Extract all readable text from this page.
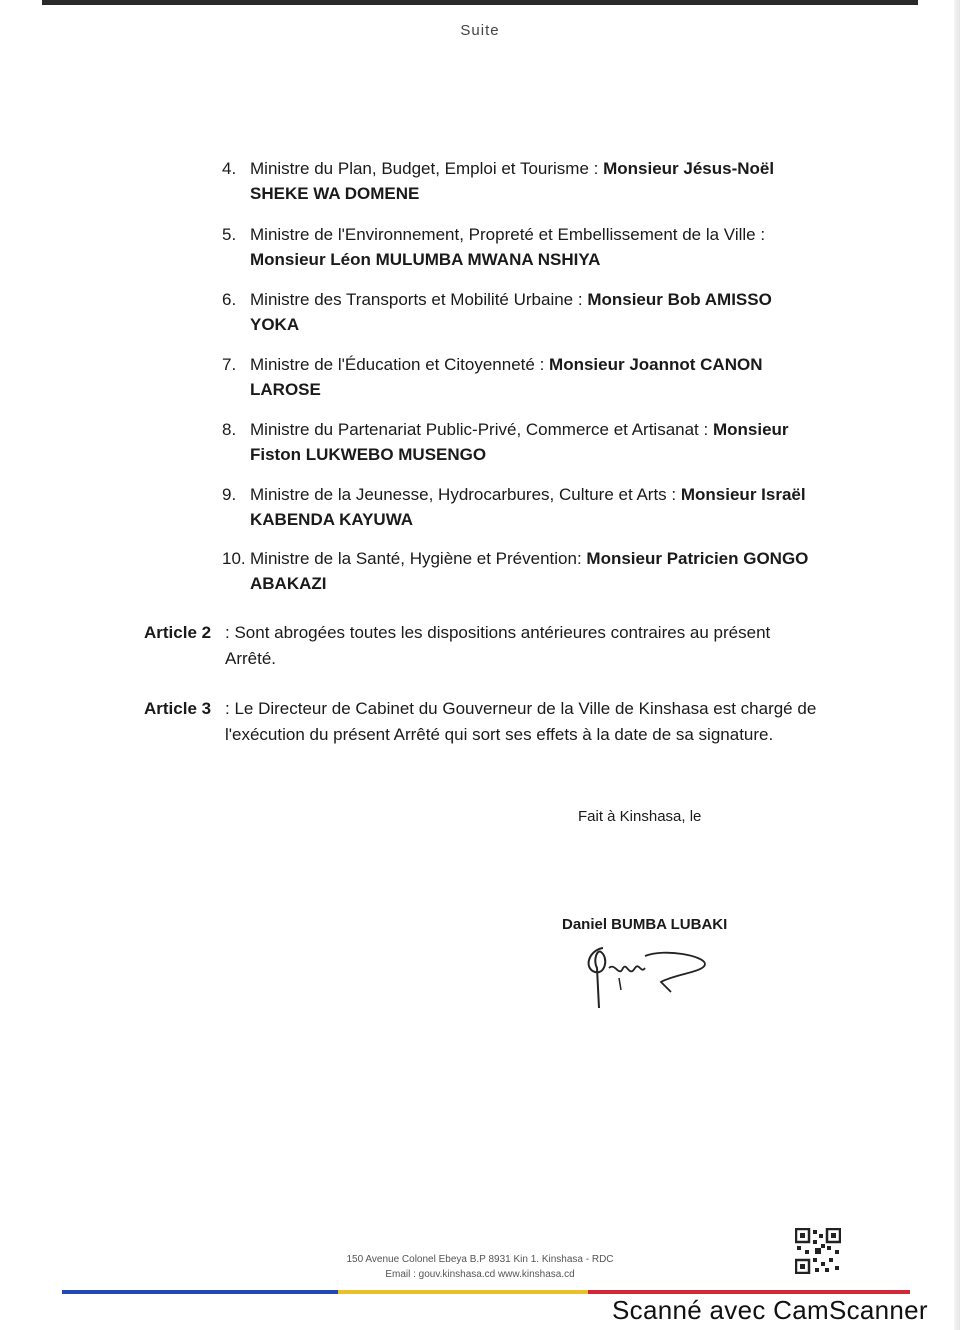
Suite
4. Ministre du Plan, Budget, Emploi et Tourisme : Monsieur Jésus-Noël SHEKE WA DOMENE
5. Ministre de l'Environnement, Propreté et Embellissement de la Ville : Monsieur Léon MULUMBA MWANA NSHIYA
6. Ministre des Transports et Mobilité Urbaine : Monsieur Bob AMISSO YOKA
7. Ministre de l'Éducation et Citoyenneté : Monsieur Joannot CANON LAROSE
8. Ministre du Partenariat Public-Privé, Commerce et Artisanat : Monsieur Fiston LUKWEBO MUSENGO
9. Ministre de la Jeunesse, Hydrocarbures, Culture et Arts : Monsieur Israël KABENDA KAYUWA
10. Ministre de la Santé, Hygiène et Prévention: Monsieur Patricien GONGO ABAKAZI
Article 2 : Sont abrogées toutes les dispositions antérieures contraires au présent Arrêté.
Article 3 : Le Directeur de Cabinet du Gouverneur de la Ville de Kinshasa est chargé de l'exécution du présent Arrêté qui sort ses effets à la date de sa signature.
Fait à Kinshasa, le
Daniel BUMBA LUBAKI
150 Avenue Colonel Ebeya B.P 8931 Kin 1. Kinshasa - RDC
Email : gouv.kinshasa.cd www.kinshasa.cd
Scanné avec CamScanner
